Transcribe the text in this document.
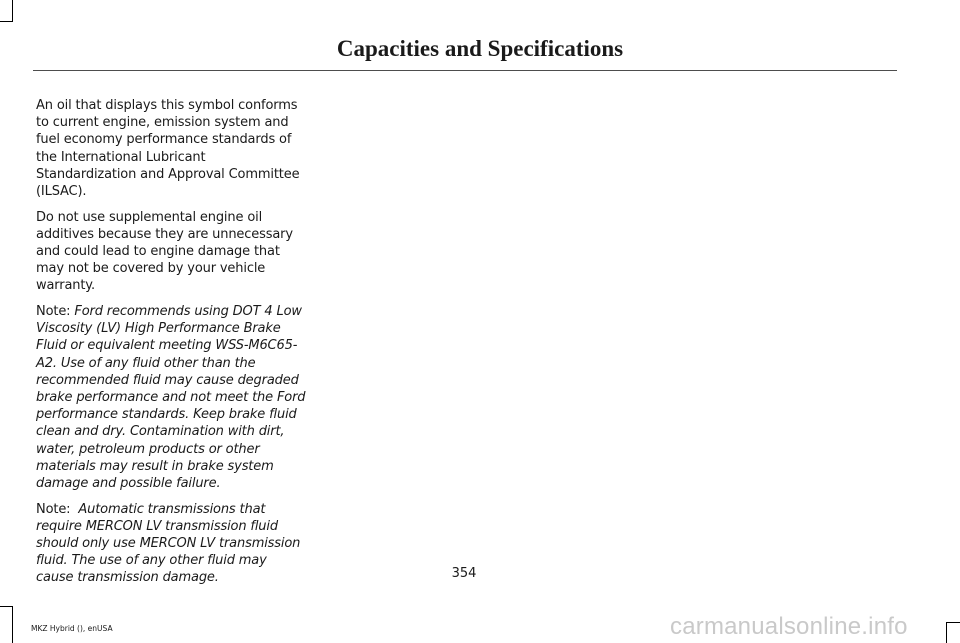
Capacities and Specifications

An oil that displays this symbol conforms to current engine, emission system and fuel economy performance standards of the International Lubricant Standardization and Approval Committee (ILSAC).

Do not use supplemental engine oil additives because they are unnecessary and could lead to engine damage that may not be covered by your vehicle warranty.

Note: Ford recommends using DOT 4 Low Viscosity (LV) High Performance Brake Fluid or equivalent meeting WSS-M6C65-A2. Use of any fluid other than the recommended fluid may cause degraded brake performance and not meet the Ford performance standards. Keep brake fluid clean and dry. Contamination with dirt, water, petroleum products or other materials may result in brake system damage and possible failure.

Note: Automatic transmissions that require MERCON LV transmission fluid should only use MERCON LV transmission fluid. The use of any other fluid may cause transmission damage.	354
MKZ Hybrid (), enUSA	carmanualsonline.info
